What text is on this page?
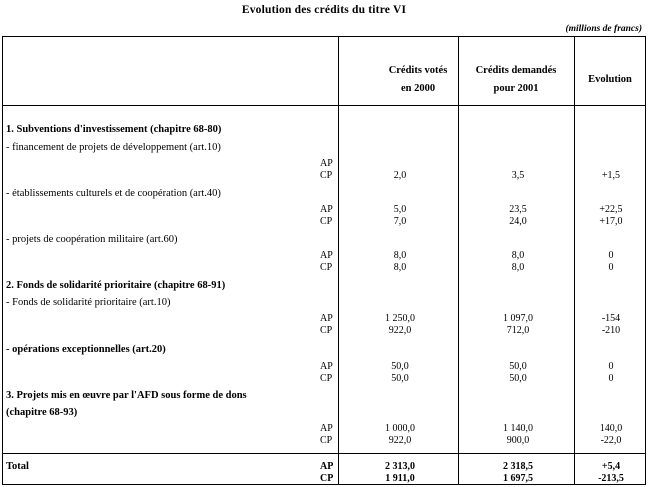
Evolution des crédits du titre VI
(millions de francs)
Crédits votés
en 2000
Crédits demandés
pour 2001
Evolution
1. Subventions d'investissement (chapitre 68-80)
- financement de projets de développement (art.10)
AP
CP	2,0	3,5	+1,5
- établissements culturels et de coopération (art.40)
AP	5,0	23,5	+22,5
CP	7,0	24,0	+17,0
- projets de coopération militaire (art.60)
AP	8,0	8,0	0
CP	8,0	8,0	0
2. Fonds de solidarité prioritaire (chapitre 68-91)
- Fonds de solidarité prioritaire (art.10)
AP	1 250,0	1 097,0	-154
CP	922,0	712,0	-210
- opérations exceptionnelles (art.20)
AP	50,0	50,0	0
CP	50,0	50,0	0
3. Projets mis en œuvre par l'AFD sous forme de dons
(chapitre 68-93)
AP	1 000,0	1 140,0	140,0
CP	922,0	900,0	-22,0
Total	AP	2 313,0	2 318,5	+5,4
CP	1 911,0	1 697,5	-213,5
